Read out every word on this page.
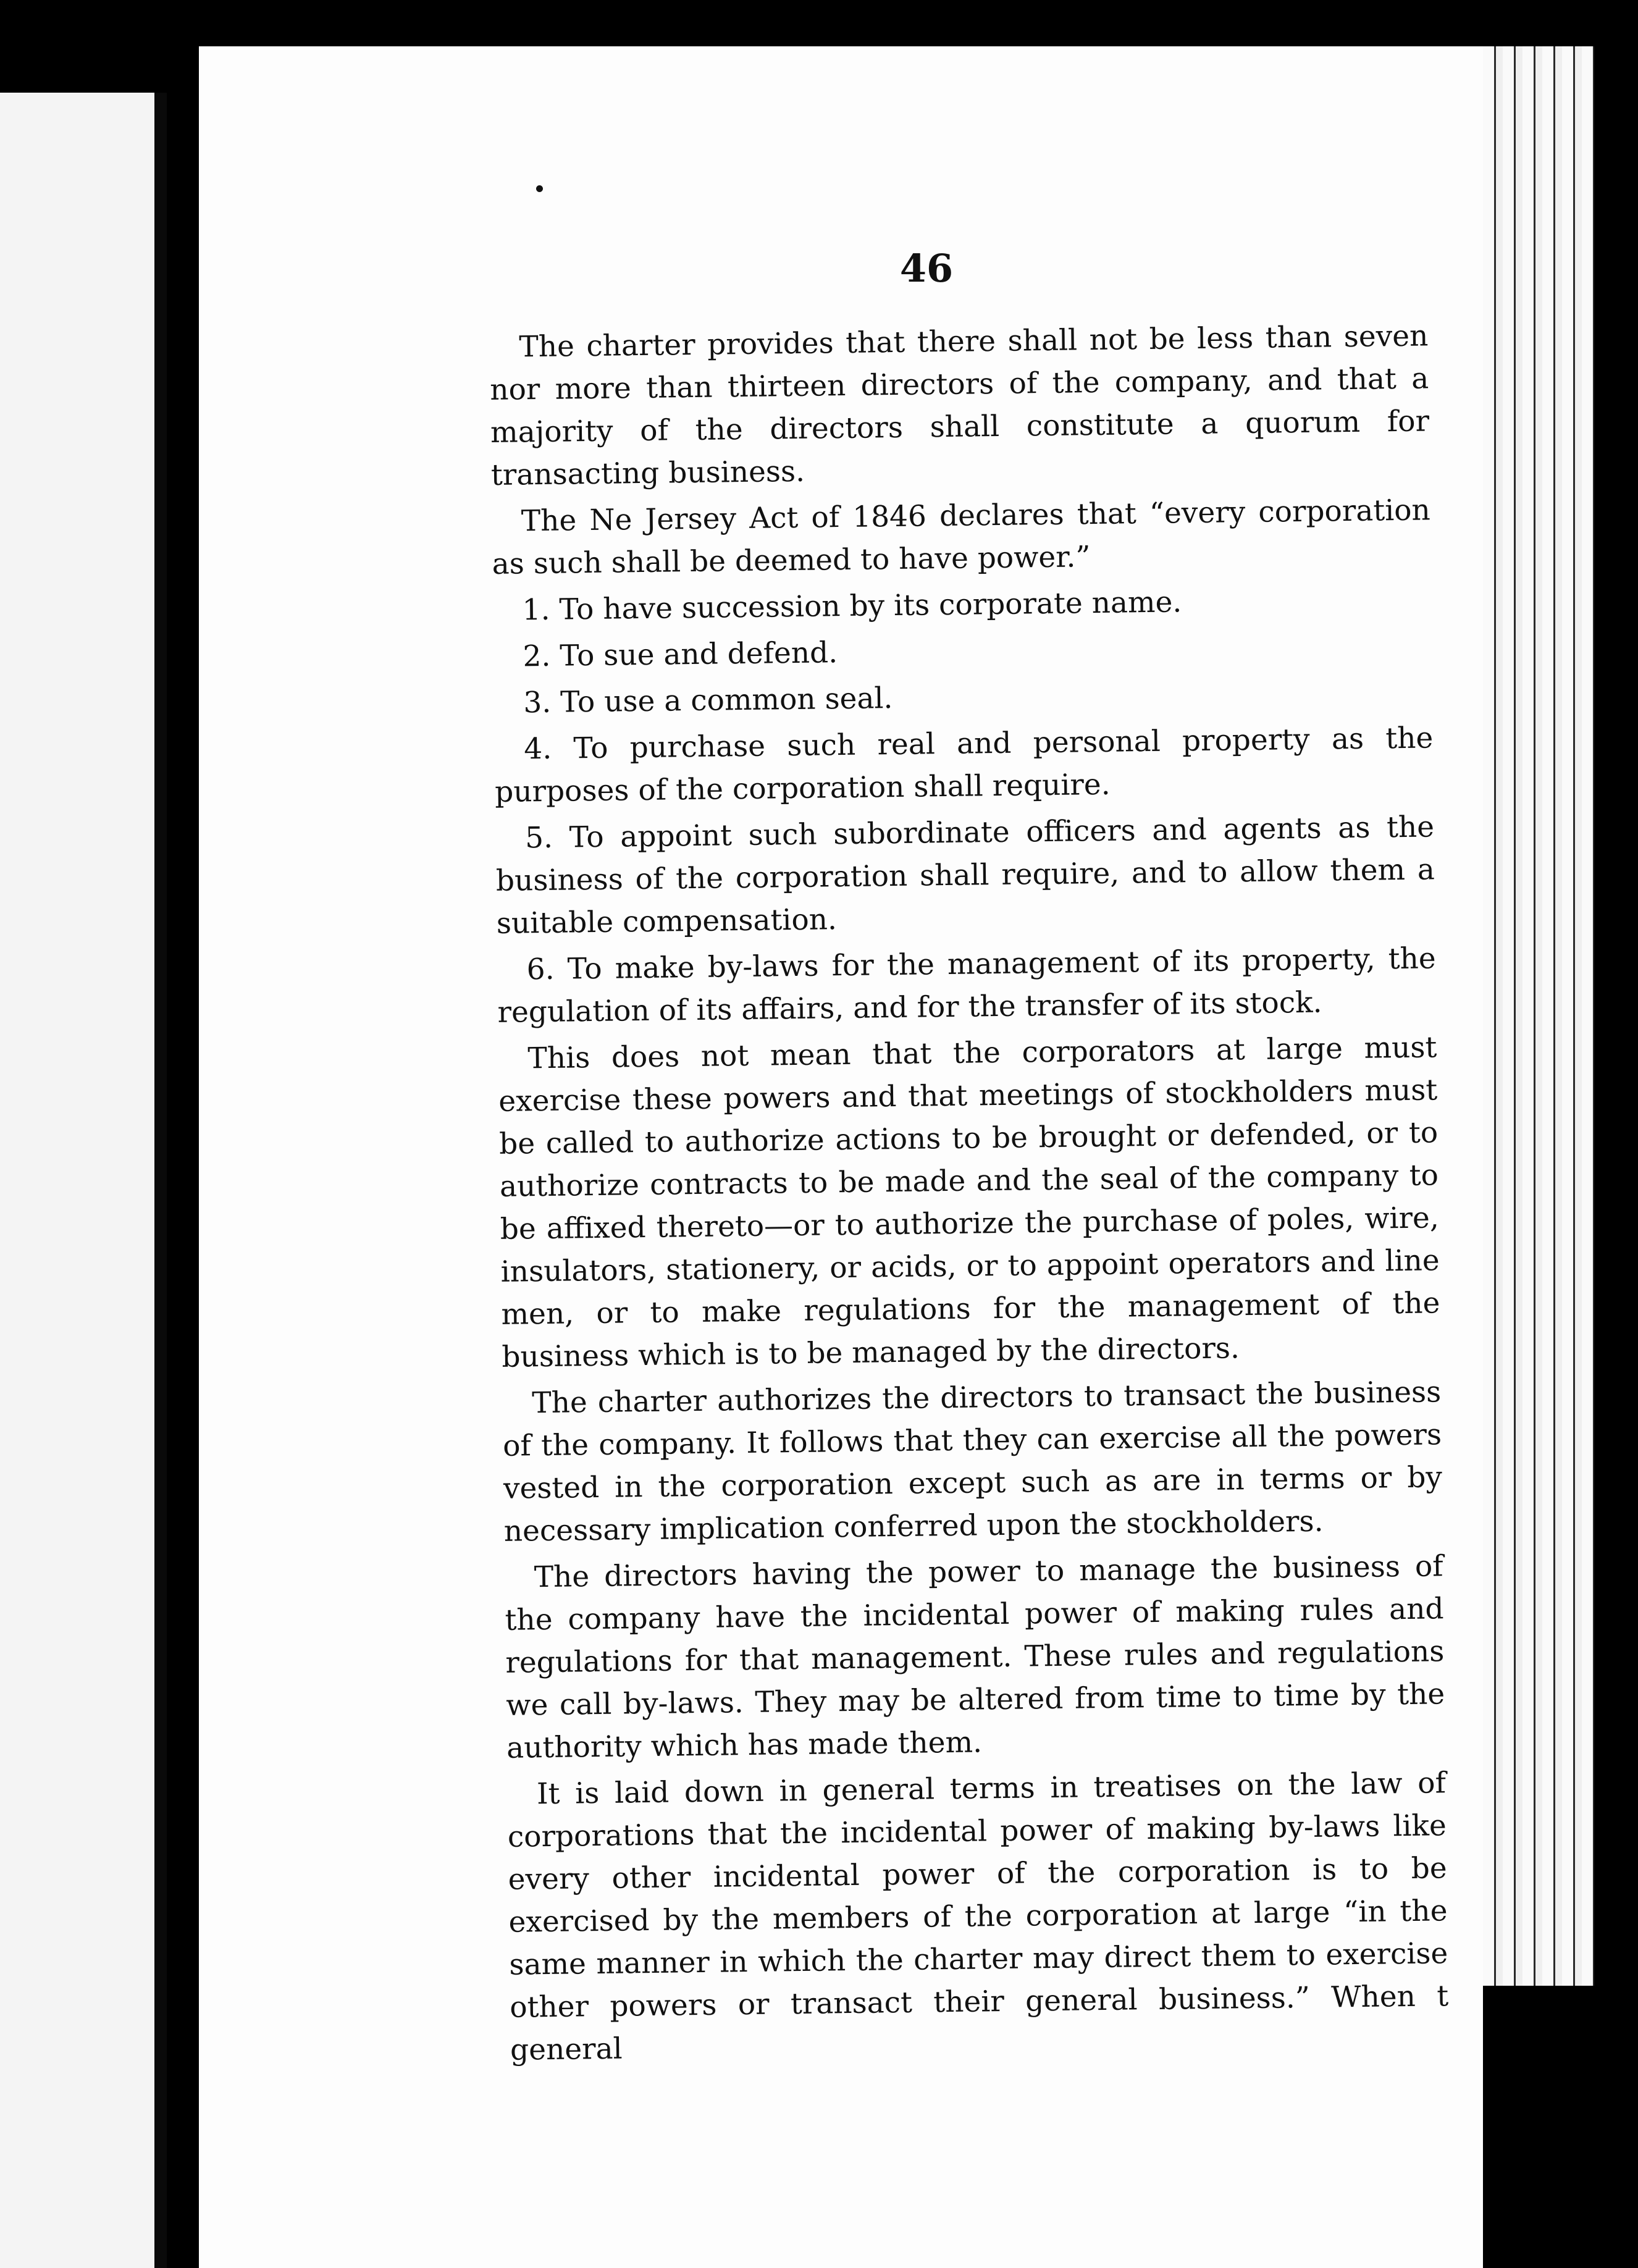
46

The charter provides that there shall not be less than seven nor more than thirteen directors of the company, and that a majority of the directors shall constitute a quorum for transacting business.

The Ne Jersey Act of 1846 declares that “every corporation as such shall be deemed to have power.”

1. To have succession by its corporate name.

2. To sue and defend.

3. To use a common seal.

4. To purchase such real and personal property as the purposes of the corporation shall require.

5. To appoint such subordinate officers and agents as the business of the corporation shall require, and to allow them a suitable compensation.

6. To make by-laws for the management of its property, the regulation of its affairs, and for the transfer of its stock.

This does not mean that the corporators at large must exercise these powers and that meetings of stockholders must be called to authorize actions to be brought or defended, or to authorize contracts to be made and the seal of the company to be affixed thereto—or to authorize the purchase of poles, wire, insulators, stationery, or acids, or to appoint operators and line men, or to make regulations for the management of the business which is to be managed by the directors.

The charter authorizes the directors to transact the business of the company. It follows that they can exercise all the powers vested in the corporation except such as are in terms or by necessary implication conferred upon the stockholders.

The directors having the power to manage the business of the company have the incidental power of making rules and regulations for that management. These rules and regulations we call by-laws. They may be altered from time to time by the authority which has made them.

It is laid down in general terms in treatises on the law of corporations that the incidental power of making by-laws like every other incidental power of the corporation is to be exercised by the members of the corporation at large “in the same manner in which the charter may direct them to exercise other powers or transact their general business.” When t general
